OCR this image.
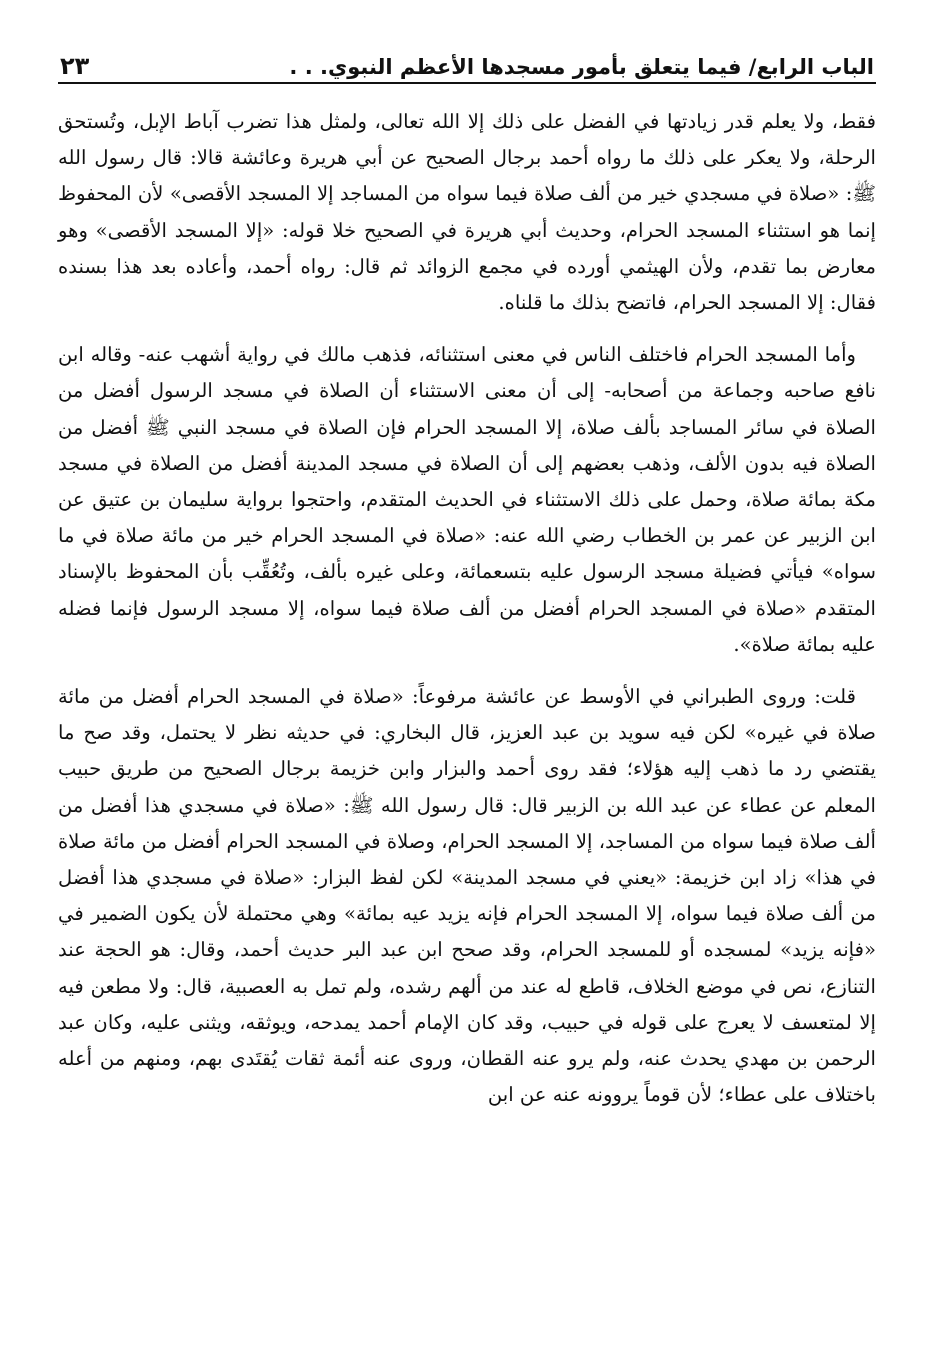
الباب الرابع/ فيما يتعلق بأمور مسجدها الأعظم النبوي. . .
٢٣

فقط، ولا يعلم قدر زيادتها في الفضل على ذلك إلا الله تعالى، ولمثل هذا تضرب آباط الإبل، وتُستحق الرحلة، ولا يعكر على ذلك ما رواه أحمد برجال الصحيح عن أبي هريرة وعائشة قالا: قال رسول الله ﷺ: «صلاة في مسجدي خير من ألف صلاة فيما سواه من المساجد إلا المسجد الأقصى» لأن المحفوظ إنما هو استثناء المسجد الحرام، وحديث أبي هريرة في الصحيح خلا قوله: «إلا المسجد الأقصى» وهو معارض بما تقدم، ولأن الهيثمي أورده في مجمع الزوائد ثم قال: رواه أحمد، وأعاده بعد هذا بسنده فقال: إلا المسجد الحرام، فاتضح بذلك ما قلناه.

وأما المسجد الحرام فاختلف الناس في معنى استثنائه، فذهب مالك في رواية أشهب عنه- وقاله ابن نافع صاحبه وجماعة من أصحابه- إلى أن معنى الاستثناء أن الصلاة في مسجد الرسول أفضل من الصلاة في سائر المساجد بألف صلاة، إلا المسجد الحرام فإن الصلاة في مسجد النبي ﷺ أفضل من الصلاة فيه بدون الألف، وذهب بعضهم إلى أن الصلاة في مسجد المدينة أفضل من الصلاة في مسجد مكة بمائة صلاة، وحمل على ذلك الاستثناء في الحديث المتقدم، واحتجوا برواية سليمان بن عتيق عن ابن الزبير عن عمر بن الخطاب رضي الله عنه: «صلاة في المسجد الحرام خير من مائة صلاة في ما سواه» فيأتي فضيلة مسجد الرسول عليه بتسعمائة، وعلى غيره بألف، وتُعُقِّب بأن المحفوظ بالإسناد المتقدم «صلاة في المسجد الحرام أفضل من ألف صلاة فيما سواه، إلا مسجد الرسول فإنما فضله عليه بمائة صلاة».

قلت: وروى الطبراني في الأوسط عن عائشة مرفوعاً: «صلاة في المسجد الحرام أفضل من مائة صلاة في غيره» لكن فيه سويد بن عبد العزيز، قال البخاري: في حديثه نظر لا يحتمل، وقد صح ما يقتضي رد ما ذهب إليه هؤلاء؛ فقد روى أحمد والبزار وابن خزيمة برجال الصحيح من طريق حبيب المعلم عن عطاء عن عبد الله بن الزبير قال: قال رسول الله ﷺ: «صلاة في مسجدي هذا أفضل من ألف صلاة فيما سواه من المساجد، إلا المسجد الحرام، وصلاة في المسجد الحرام أفضل من مائة صلاة في هذا» زاد ابن خزيمة: «يعني في مسجد المدينة» لكن لفظ البزار: «صلاة في مسجدي هذا أفضل من ألف صلاة فيما سواه، إلا المسجد الحرام فإنه يزيد عيه بمائة» وهي محتملة لأن يكون الضمير في «فإنه يزيد» لمسجده أو للمسجد الحرام، وقد صحح ابن عبد البر حديث أحمد، وقال: هو الحجة عند التنازع، نص في موضع الخلاف، قاطع له عند من ألهم رشده، ولم تمل به العصبية، قال: ولا مطعن فيه إلا لمتعسف لا يعرج على قوله في حبيب، وقد كان الإمام أحمد يمدحه، ويوثقه، ويثنى عليه، وكان عبد الرحمن بن مهدي يحدث عنه، ولم يرو عنه القطان، وروى عنه أئمة ثقات يُقتَدى بهم، ومنهم من أعله باختلاف على عطاء؛ لأن قوماً يروونه عنه عن ابن
